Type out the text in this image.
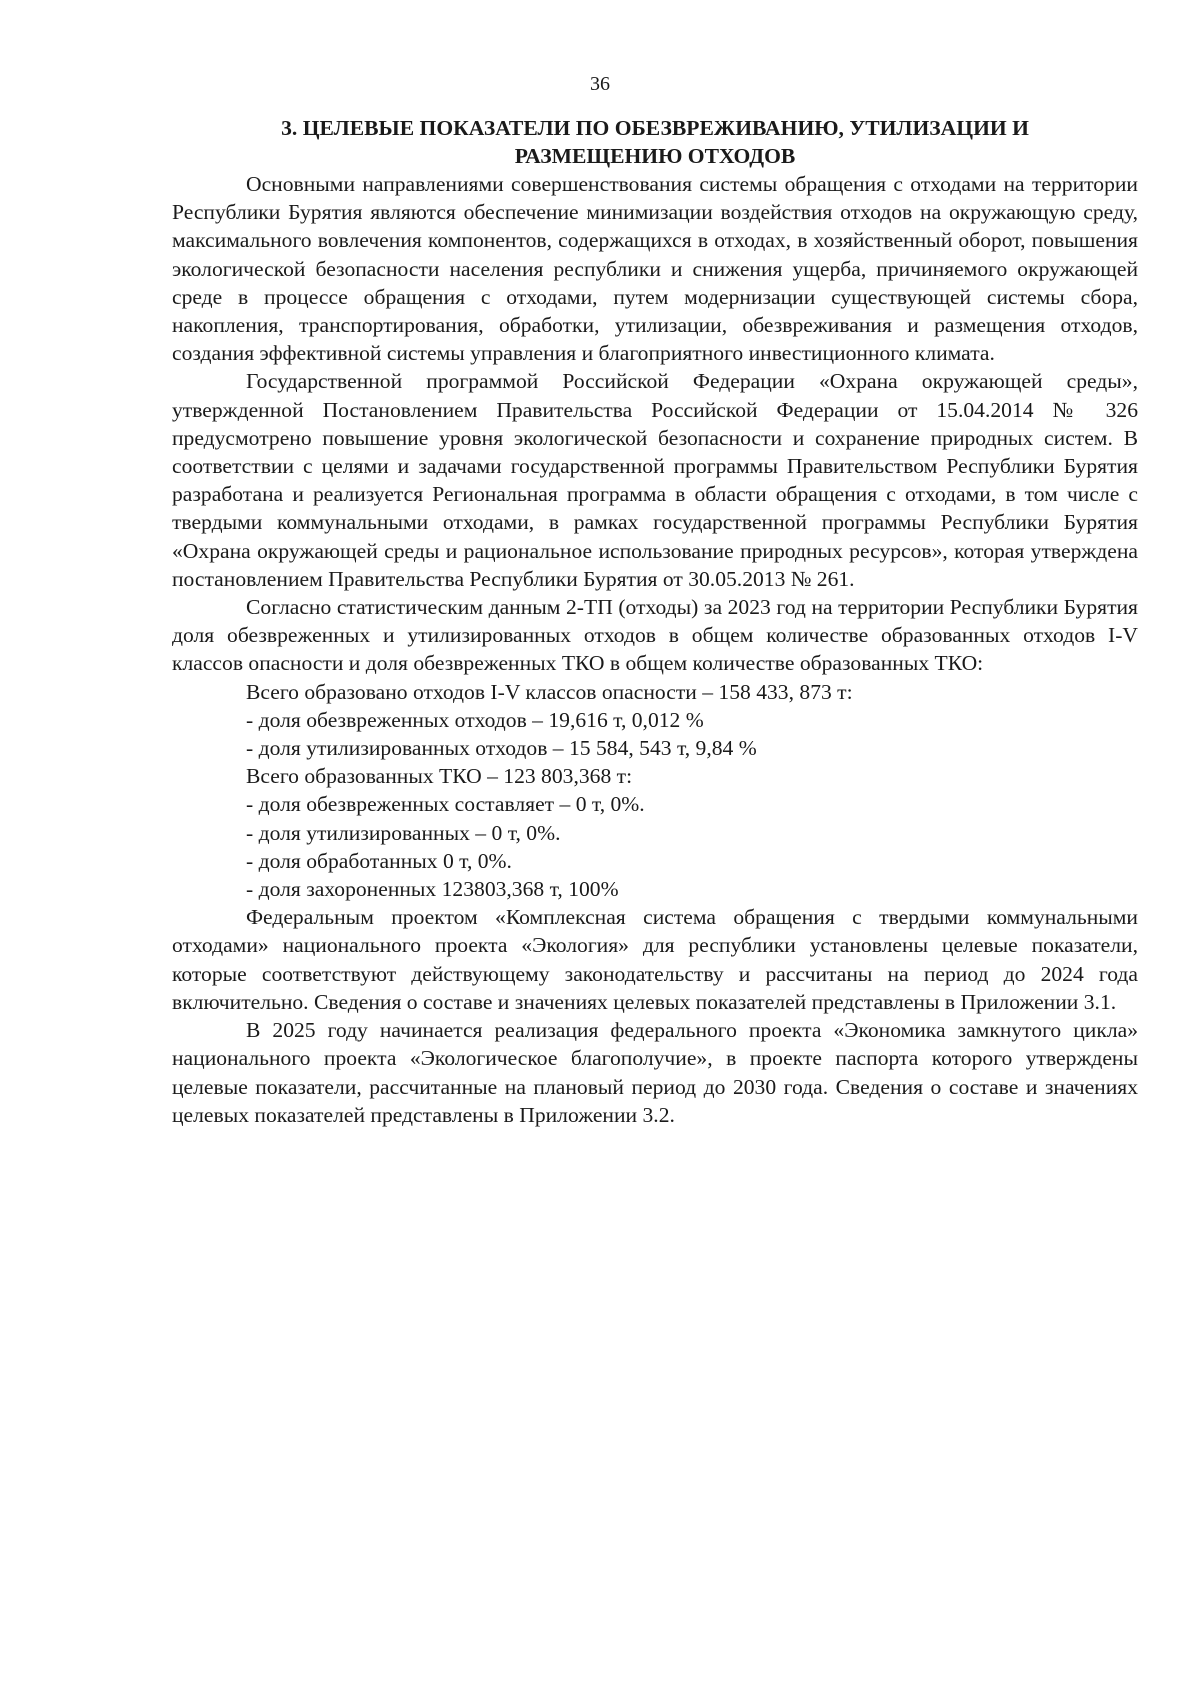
36
3. ЦЕЛЕВЫЕ ПОКАЗАТЕЛИ ПО ОБЕЗВРЕЖИВАНИЮ, УТИЛИЗАЦИИ И
РАЗМЕЩЕНИЮ ОТХОДОВ

Основными направлениями совершенствования системы обращения с отходами на территории Республики Бурятия являются обеспечение минимизации воздействия отходов на окружающую среду, максимального вовлечения компонентов, содержащихся в отходах, в хозяйственный оборот, повышения экологической безопасности населения республики и снижения ущерба, причиняемого окружающей среде в процессе обращения с отходами, путем модернизации существующей системы сбора, накопления, транспортирования, обработки, утилизации, обезвреживания и размещения отходов, создания эффективной системы управления и благоприятного инвестиционного климата.

Государственной программой Российской Федерации «Охрана окружающей среды», утвержденной Постановлением Правительства Российской Федерации от 15.04.2014 № 326 предусмотрено повышение уровня экологической безопасности и сохранение природных систем. В соответствии с целями и задачами государственной программы Правительством Республики Бурятия разработана и реализуется Региональная программа в области обращения с отходами, в том числе с твердыми коммунальными отходами, в рамках государственной программы Республики Бурятия «Охрана окружающей среды и рациональное использование природных ресурсов», которая утверждена постановлением Правительства Республики Бурятия от 30.05.2013 № 261.

Согласно статистическим данным 2-ТП (отходы) за 2023 год на территории Республики Бурятия доля обезвреженных и утилизированных отходов в общем количестве образованных отходов I-V классов опасности и доля обезвреженных ТКО в общем количестве образованных ТКО:

Всего образовано отходов I-V классов опасности – 158 433, 873 т:

- доля обезвреженных отходов – 19,616 т, 0,012 %

- доля утилизированных отходов – 15 584, 543 т, 9,84 %

Всего образованных ТКО – 123 803,368 т:

- доля обезвреженных составляет – 0 т, 0%.

- доля утилизированных – 0 т, 0%.

- доля обработанных 0 т, 0%.

- доля захороненных 123803,368 т, 100%

Федеральным проектом «Комплексная система обращения с твердыми коммунальными отходами» национального проекта «Экология» для республики установлены целевые показатели, которые соответствуют действующему законодательству и рассчитаны на период до 2024 года включительно. Сведения о составе и значениях целевых показателей представлены в Приложении 3.1.

В 2025 году начинается реализация федерального проекта «Экономика замкнутого цикла» национального проекта «Экологическое благополучие», в проекте паспорта которого утверждены целевые показатели, рассчитанные на плановый период до 2030 года. Сведения о составе и значениях целевых показателей представлены в Приложении 3.2.
